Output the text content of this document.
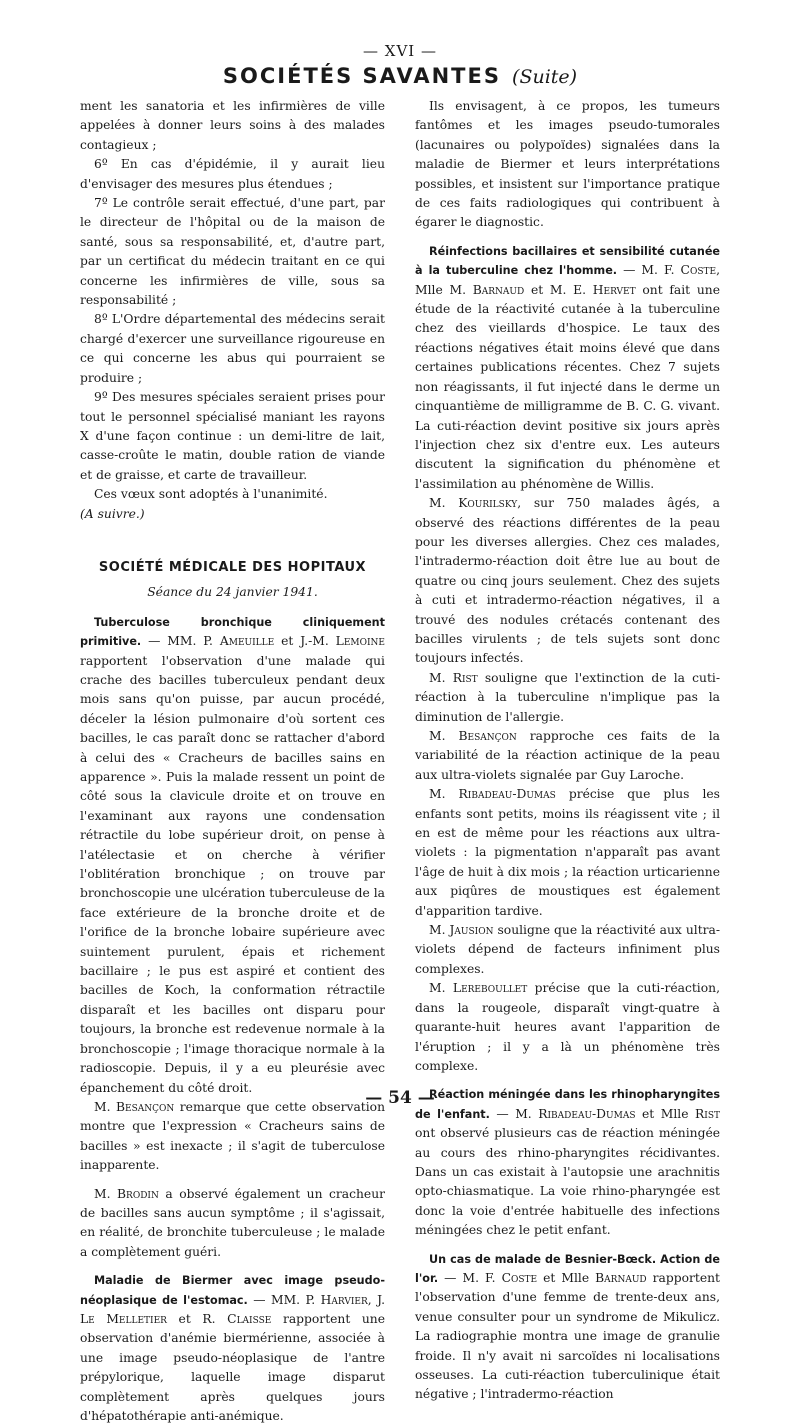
— XVI —
SOCIÉTÉS SAVANTES (Suite)

ment les sanatoria et les infirmières de ville appelées à donner leurs soins à des malades contagieux ;

6º En cas d'épidémie, il y aurait lieu d'envisager des mesures plus étendues ;

7º Le contrôle serait effectué, d'une part, par le directeur de l'hôpital ou de la maison de santé, sous sa responsabilité, et, d'autre part, par un certificat du médecin traitant en ce qui concerne les infirmières de ville, sous sa responsabilité ;

8º L'Ordre départemental des médecins serait chargé d'exercer une surveillance rigoureuse en ce qui concerne les abus qui pourraient se produire ;

9º Des mesures spéciales seraient prises pour tout le personnel spécialisé maniant les rayons X d'une façon continue : un demi-litre de lait, casse-croûte le matin, double ration de viande et de graisse, et carte de travailleur.

Ces vœux sont adoptés à l'unanimité.

(A suivre.)

SOCIÉTÉ MÉDICALE DES HOPITAUX
Séance du 24 janvier 1941.

Tuberculose bronchique cliniquement primitive. — MM. P. Ameuille et J.-M. Lemoine rapportent l'observation d'une malade qui crache des bacilles tuberculeux pendant deux mois sans qu'on puisse, par aucun procédé, déceler la lésion pulmonaire d'où sortent ces bacilles, le cas paraît donc se rattacher d'abord à celui des « Cracheurs de bacilles sains en apparence ». Puis la malade ressent un point de côté sous la clavicule droite et on trouve en l'examinant aux rayons une condensation rétractile du lobe supérieur droit, on pense à l'atélectasie et on cherche à vérifier l'oblitération bronchique ; on trouve par bronchoscopie une ulcération tuberculeuse de la face extérieure de la bronche droite et de l'orifice de la bronche lobaire supérieure avec suintement purulent, épais et richement bacillaire ; le pus est aspiré et contient des bacilles de Koch, la conformation rétractile disparaît et les bacilles ont disparu pour toujours, la bronche est redevenue normale à la bronchoscopie ; l'image thoracique normale à la radioscopie. Depuis, il y a eu pleurésie avec épanchement du côté droit.

M. Besançon remarque que cette observation montre que l'expression « Cracheurs sains de bacilles » est inexacte ; il s'agit de tuberculose inapparente.

M. Brodin a observé également un cracheur de bacilles sans aucun symptôme ; il s'agissait, en réalité, de bronchite tuberculeuse ; le malade a complètement guéri.

Maladie de Biermer avec image pseudo-néoplasique de l'estomac. — MM. P. Harvier, J. Le Melletier et R. Claisse rapportent une observation d'anémie biermérienne, associée à une image pseudo-néoplasique de l'antre prépylorique, laquelle image disparut complètement après quelques jours d'hépatothérapie anti-anémique.

Ils envisagent, à ce propos, les tumeurs fantômes et les images pseudo-tumorales (lacunaires ou polypoïdes) signalées dans la maladie de Biermer et leurs interprétations possibles, et insistent sur l'importance pratique de ces faits radiologiques qui contribuent à égarer le diagnostic.

Réinfections bacillaires et sensibilité cutanée à la tuberculine chez l'homme. — M. F. Coste, Mlle M. Barnaud et M. E. Hervet ont fait une étude de la réactivité cutanée à la tuberculine chez des vieillards d'hospice. Le taux des réactions négatives était moins élevé que dans certaines publications récentes. Chez 7 sujets non réagissants, il fut injecté dans le derme un cinquantième de milligramme de B. C. G. vivant. La cuti-réaction devint positive six jours après l'injection chez six d'entre eux. Les auteurs discutent la signification du phénomène et l'assimilation au phénomène de Willis.

M. Kourilsky, sur 750 malades âgés, a observé des réactions différentes de la peau pour les diverses allergies. Chez ces malades, l'intradermo-réaction doit être lue au bout de quatre ou cinq jours seulement. Chez des sujets à cuti et intradermo-réaction négatives, il a trouvé des nodules crétacés contenant des bacilles virulents ; de tels sujets sont donc toujours infectés.

M. Rist souligne que l'extinction de la cuti-réaction à la tuberculine n'implique pas la diminution de l'allergie.

M. Besançon rapproche ces faits de la variabilité de la réaction actinique de la peau aux ultra-violets signalée par Guy Laroche.

M. Ribadeau-Dumas précise que plus les enfants sont petits, moins ils réagissent vite ; il en est de même pour les réactions aux ultra-violets : la pigmentation n'apparaît pas avant l'âge de huit à dix mois ; la réaction urticarienne aux piqûres de moustiques est également d'apparition tardive.

M. Jausion souligne que la réactivité aux ultra-violets dépend de facteurs infiniment plus complexes.

M. Lereboullet précise que la cuti-réaction, dans la rougeole, disparaît vingt-quatre à quarante-huit heures avant l'apparition de l'éruption ; il y a là un phénomène très complexe.

Réaction méningée dans les rhinopharyngites de l'enfant. — M. Ribadeau-Dumas et Mlle Rist ont observé plusieurs cas de réaction méningée au cours des rhino-pharyngites récidivantes. Dans un cas existait à l'autopsie une arachnitis opto-chiasmatique. La voie rhino-pharyngée est donc la voie d'entrée habituelle des infections méningées chez le petit enfant.

Un cas de malade de Besnier-Bœck. Action de l'or. — M. F. Coste et Mlle Barnaud rapportent l'observation d'une femme de trente-deux ans, venue consulter pour un syndrome de Mikulicz. La radiographie montra une image de granulie froide. Il n'y avait ni sarcoïdes ni localisations osseuses. La cuti-réaction tuberculinique était négative ; l'intradermo-réaction

— 54 —
